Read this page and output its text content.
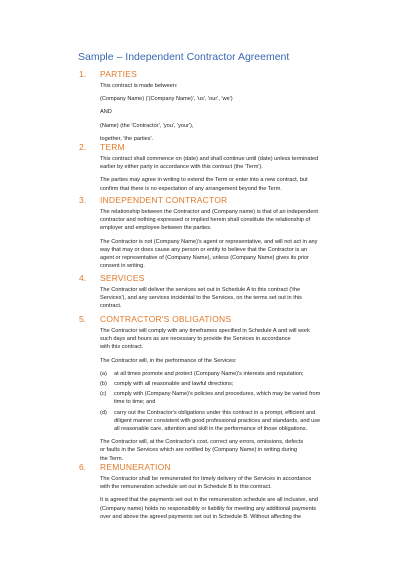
Sample – Independent Contractor Agreement
1. PARTIES

This contract is made between:

(Company Name) ('(Company Name)', 'us', 'our', 'we')

AND

(Name) (the 'Contractor', 'you', 'your'),

together, 'the parties'.

2. TERM

This contract shall commence on (date) and shall continue until (date) unless terminated
earlier by either party in accordance with this contract (the 'Term').

The parties may agree in writing to extend the Term or enter into a new contract, but
confirm that there is no expectation of any arrangement beyond the Term.

3. INDEPENDENT CONTRACTOR

The relationship between the Contractor and (Company name) is that of an independent
contractor and nothing expressed or implied herein shall constitute the relationship of
employer and employee between the parties.

The Contractor is not (Company Name)'s agent or representative, and will not act in any
way that may or does cause any person or entity to believe that the Contractor is an
agent or representative of (Company Name), unless (Company Name) gives its prior
consent in writing.

4. SERVICES

The Contractor will deliver the services set out in Schedule A to this contract ('the
Services'), and any services incidental to the Services, on the terms set out in this
contract.

5. CONTRACTOR'S OBLIGATIONS

The Contractor will comply with any timeframes specified in Schedule A and will work
such days and hours as are necessary to provide the Services in accordance
with this contract.

The Contractor will, in the performance of the Services:

(a) at all times promote and protect (Company Name)'s interests and reputation;
(b) comply with all reasonable and lawful directions;
(c) comply with (Company Name)'s policies and procedures, which may be varied from
time to time; and
(d) carry out the Contractor's obligations under this contract in a prompt, efficient and
diligent manner consistent with good professional practices and standards, and use
all reasonable care, attention and skill in the performance of those obligations.

The Contractor will, at the Contractor's cost, correct any errors, omissions, defects
or faults in the Services which are notified by (Company Name) in writing during
the Term.

6. REMUNERATION

The Contractor shall be remunerated for timely delivery of the Services in accordance
with the remuneration schedule set out in Schedule B to this contract.

It is agreed that the payments set out in the remuneration schedule are all inclusive, and
(Company name) holds no responsibility or liability for meeting any additional payments
over and above the agreed payments set out in Schedule B. Without affecting the
